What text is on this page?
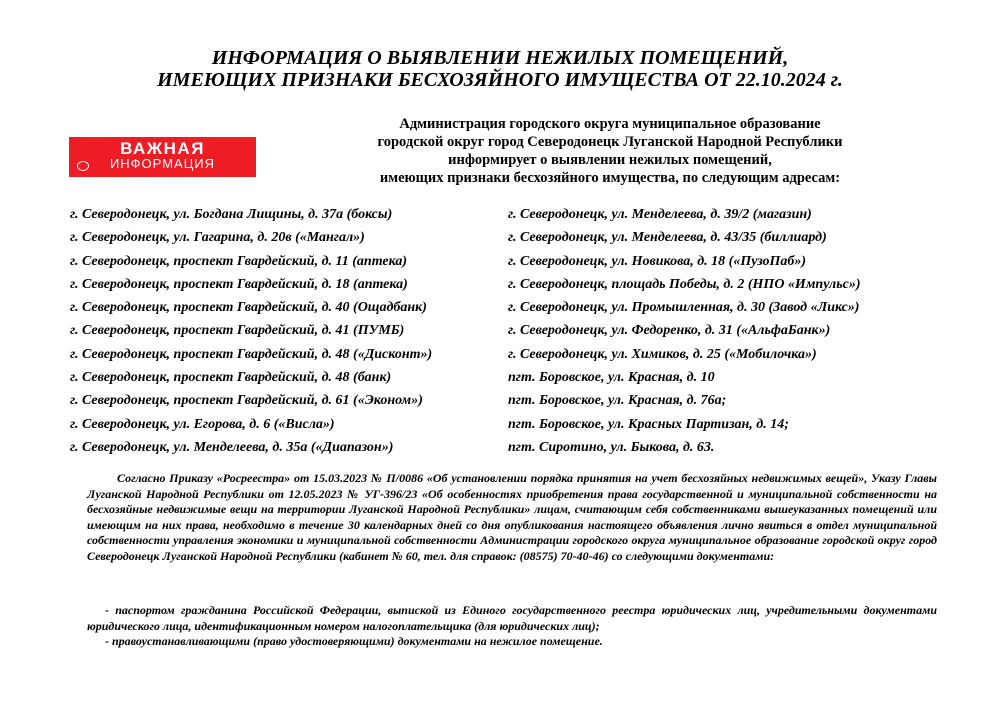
ИНФОРМАЦИЯ О ВЫЯВЛЕНИИ НЕЖИЛЫХ ПОМЕЩЕНИЙ,
ИМЕЮЩИХ ПРИЗНАКИ БЕСХОЗЯЙНОГО ИМУЩЕСТВА ОТ 22.10.2024 г.
ВАЖНАЯ
ИНФОРМАЦИЯ
Администрация городского округа муниципальное образование
городской округ город Северодонецк Луганской Народной Республики
информирует о выявлении нежилых помещений,
имеющих признаки бесхозяйного имущества, по следующим адресам:
г. Северодонецк, ул. Богдана Лищины, д. 37а (боксы)
г. Северодонецк, ул. Гагарина, д. 20в («Мангал»)
г. Северодонецк, проспект Гвардейский, д. 11 (аптека)
г. Северодонецк, проспект Гвардейский, д. 18 (аптека)
г. Северодонецк, проспект Гвардейский, д. 40 (Ощадбанк)
г. Северодонецк, проспект Гвардейский, д. 41 (ПУМБ)
г. Северодонецк, проспект Гвардейский, д. 48 («Дисконт»)
г. Северодонецк, проспект Гвардейский, д. 48 (банк)
г. Северодонецк, проспект Гвардейский, д. 61 («Эконом»)
г. Северодонецк, ул. Егорова, д. 6 («Висла»)
г. Северодонецк, ул. Менделеева, д. 35а («Диапазон»)
г. Северодонецк, ул. Менделеева, д. 39/2 (магазин)
г. Северодонецк, ул. Менделеева, д. 43/35 (биллиард)
г. Северодонецк, ул. Новикова, д. 18 («ПузоПаб»)
г. Северодонецк, площадь Победы, д. 2 (НПО «Импульс»)
г. Северодонецк, ул. Промышленная, д. 30 (Завод «Ликс»)
г. Северодонецк, ул. Федоренко, д. 31 («АльфаБанк»)
г. Северодонецк, ул. Химиков, д. 25 («Мобилочка»)
пгт. Боровское, ул. Красная, д. 10
пгт. Боровское, ул. Красная, д. 76а;
пгт. Боровское, ул. Красных Партизан, д. 14;
пгт. Сиротино, ул. Быкова, д. 63.

Согласно Приказу «Росреестра» от 15.03.2023 № П/0086 «Об установлении порядка принятия на учет бесхозяйных недвижимых вещей», Указу Главы Луганской Народной Республики от 12.05.2023 № УГ-396/23 «Об особенностях приобретения права государственной и муниципальной собственности на бесхозяйные недвижимые вещи на территории Луганской Народной Республики» лицам, считающим себя собственниками вышеуказанных помещений или имеющим на них права, необходимо в течение 30 календарных дней со дня опубликования настоящего объявления лично явиться в отдел муниципальной собственности управления экономики и муниципальной собственности Администрации городского округа муниципальное образование городской округ город Северодонецк Луганской Народной Республики (кабинет № 60, тел. для справок: (08575) 70-40-46) со следующими документами:

- паспортом гражданина Российской Федерации, выпиской из Единого государственного реестра юридических лиц, учредительными документами юридического лица, идентификационным номером налогоплательщика (для юридических лиц);

- правоустанавливающими (право удостоверяющими) документами на нежилое помещение.
